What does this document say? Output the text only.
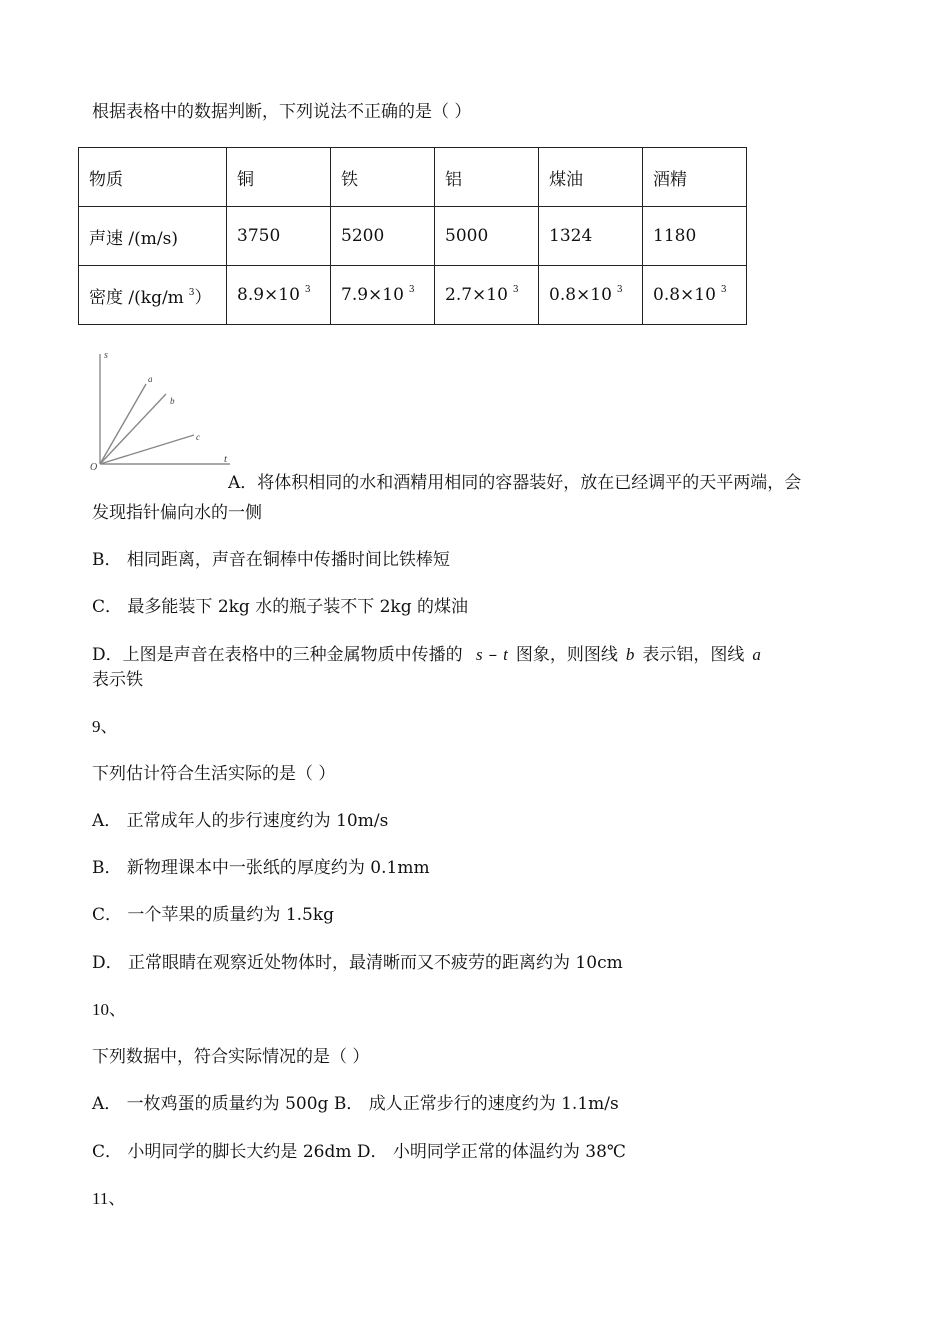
根据表格中的数据判断，下列说法不正确的是（ ）
物质	铜	铁	铝	煤油	酒精
声速 /(m/s)	3750	5200	5000	1324	1180
密度 /(kg/m $^3$）	8.9×10 $^3$	7.9×10 $^3$	2.7×10 $^3$	0.8×10 $^3$	0.8×10 $^3$
s
t
O
a
b
c
A．将体积相同的水和酒精用相同的容器装好，放在已经调平的天平两端，会
发现指针偏向水的一侧
B． 相同距离，声音在铜棒中传播时间比铁棒短
C． 最多能装下 2kg 水的瓶子装不下 2kg 的煤油
D．上图是声音在表格中的三种金属物质中传播的 s – t 图象，则图线 b 表示铝，图线 a
表示铁
9、
下列估计符合生活实际的是（ ）
A． 正常成年人的步行速度约为 10m/s
B． 新物理课本中一张纸的厚度约为 0.1mm
C． 一个苹果的质量约为 1.5kg
D． 正常眼睛在观察近处物体时，最清晰而又不疲劳的距离约为 10cm
10、
下列数据中，符合实际情况的是（ ）
A． 一枚鸡蛋的质量约为 500g B． 成人正常步行的速度约为 1.1m/s
C． 小明同学的脚长大约是 26dm D． 小明同学正常的体温约为 38℃
11、
